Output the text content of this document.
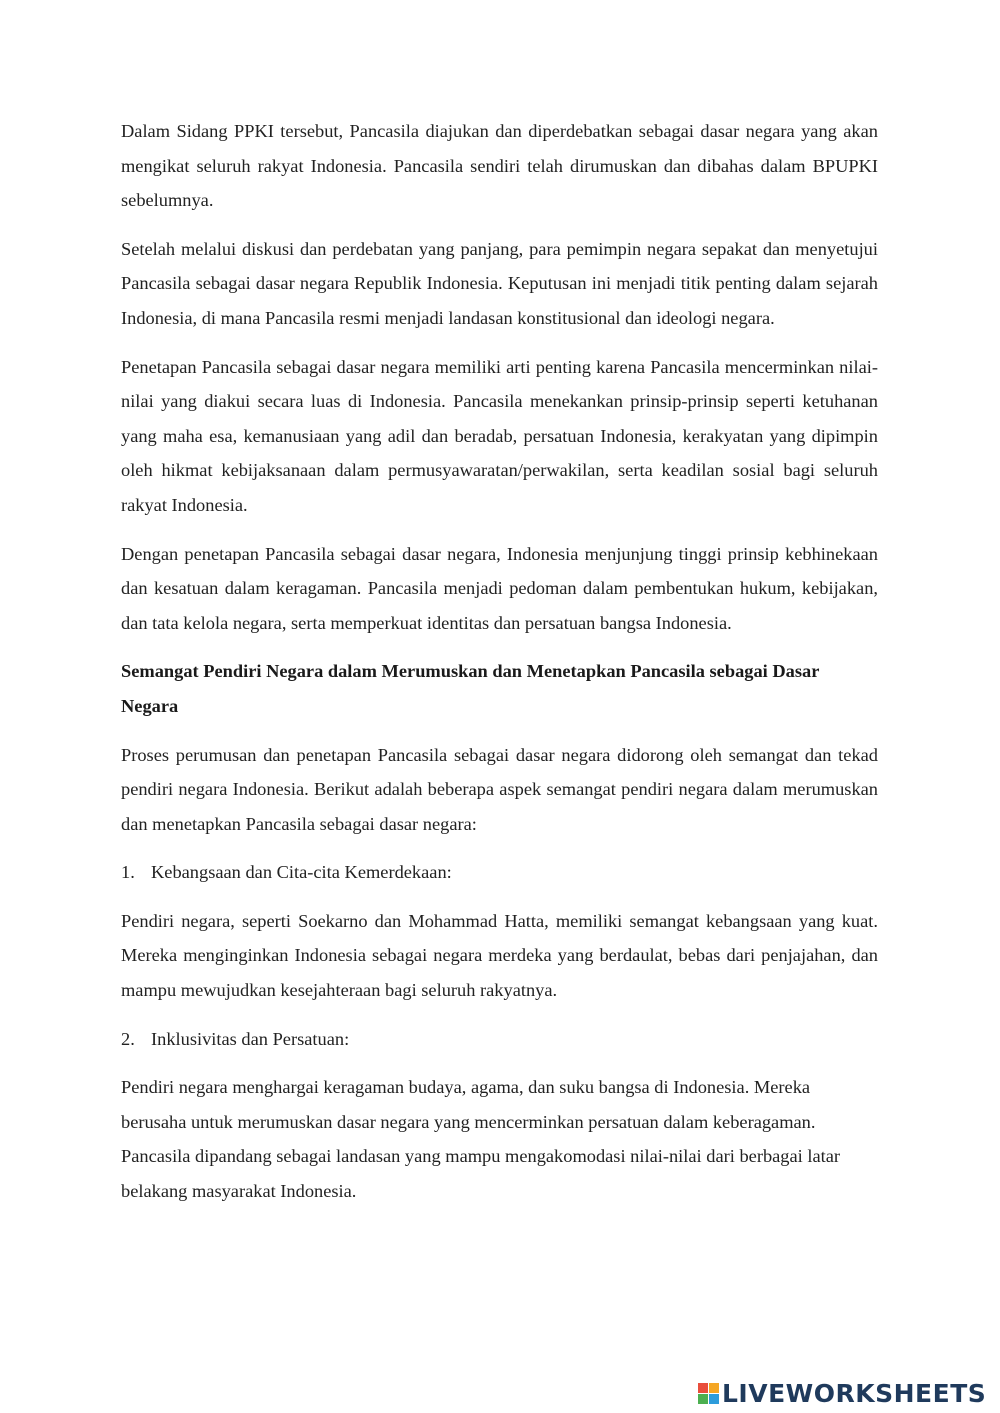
Dalam Sidang PPKI tersebut, Pancasila diajukan dan diperdebatkan sebagai dasar negara yang akan mengikat seluruh rakyat Indonesia. Pancasila sendiri telah dirumuskan dan dibahas dalam BPUPKI sebelumnya.

Setelah melalui diskusi dan perdebatan yang panjang, para pemimpin negara sepakat dan menyetujui Pancasila sebagai dasar negara Republik Indonesia. Keputusan ini menjadi titik penting dalam sejarah Indonesia, di mana Pancasila resmi menjadi landasan konstitusional dan ideologi negara.

Penetapan Pancasila sebagai dasar negara memiliki arti penting karena Pancasila mencerminkan nilai-nilai yang diakui secara luas di Indonesia. Pancasila menekankan prinsip-prinsip seperti ketuhanan yang maha esa, kemanusiaan yang adil dan beradab, persatuan Indonesia, kerakyatan yang dipimpin oleh hikmat kebijaksanaan dalam permusyawaratan/perwakilan, serta keadilan sosial bagi seluruh rakyat Indonesia.

Dengan penetapan Pancasila sebagai dasar negara, Indonesia menjunjung tinggi prinsip kebhinekaan dan kesatuan dalam keragaman. Pancasila menjadi pedoman dalam pembentukan hukum, kebijakan, dan tata kelola negara, serta memperkuat identitas dan persatuan bangsa Indonesia.

Semangat Pendiri Negara dalam Merumuskan dan Menetapkan Pancasila sebagai Dasar Negara

Proses perumusan dan penetapan Pancasila sebagai dasar negara didorong oleh semangat dan tekad pendiri negara Indonesia. Berikut adalah beberapa aspek semangat pendiri negara dalam merumuskan dan menetapkan Pancasila sebagai dasar negara:

1. Kebangsaan dan Cita-cita Kemerdekaan:

Pendiri negara, seperti Soekarno dan Mohammad Hatta, memiliki semangat kebangsaan yang kuat. Mereka menginginkan Indonesia sebagai negara merdeka yang berdaulat, bebas dari penjajahan, dan mampu mewujudkan kesejahteraan bagi seluruh rakyatnya.

2. Inklusivitas dan Persatuan:

Pendiri negara menghargai keragaman budaya, agama, dan suku bangsa di Indonesia. Mereka berusaha untuk merumuskan dasar negara yang mencerminkan persatuan dalam keberagaman. Pancasila dipandang sebagai landasan yang mampu mengakomodasi nilai-nilai dari berbagai latar belakang masyarakat Indonesia.

LIVEWORKSHEETS
